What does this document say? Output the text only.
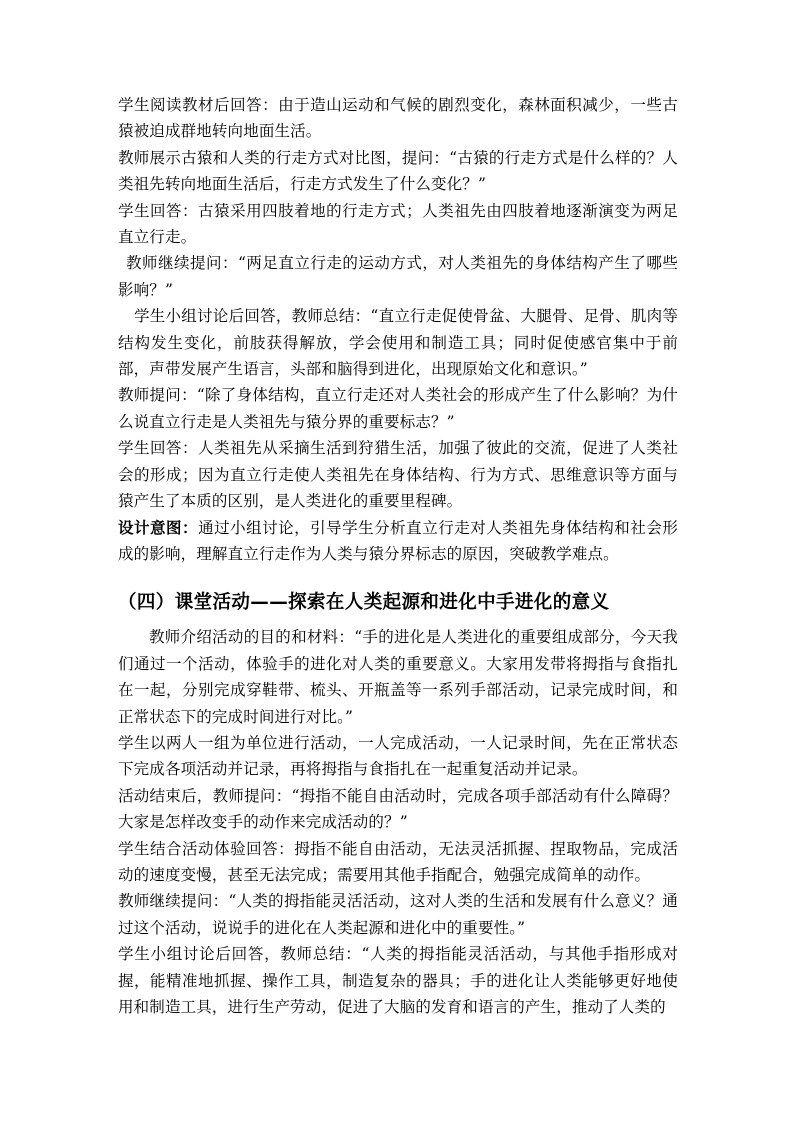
学生阅读教材后回答：由于造山运动和气候的剧烈变化，森林面积减少，一些古猿被迫成群地转向地面生活。

教师展示古猿和人类的行走方式对比图，提问：“古猿的行走方式是什么样的？人类祖先转向地面生活后，行走方式发生了什么变化？”

学生回答：古猿采用四肢着地的行走方式；人类祖先由四肢着地逐渐演变为两足直立行走。

教师继续提问：“两足直立行走的运动方式，对人类祖先的身体结构产生了哪些影响？”

学生小组讨论后回答，教师总结：“直立行走促使骨盆、大腿骨、足骨、肌肉等结构发生变化，前肢获得解放，学会使用和制造工具；同时促使感官集中于前部，声带发展产生语言，头部和脑得到进化，出现原始文化和意识。”

教师提问：“除了身体结构，直立行走还对人类社会的形成产生了什么影响？为什么说直立行走是人类祖先与猿分界的重要标志？”

学生回答：人类祖先从采摘生活到狩猎生活，加强了彼此的交流，促进了人类社会的形成；因为直立行走使人类祖先在身体结构、行为方式、思维意识等方面与猿产生了本质的区别，是人类进化的重要里程碑。

设计意图：通过小组讨论，引导学生分析直立行走对人类祖先身体结构和社会形成的影响，理解直立行走作为人类与猿分界标志的原因，突破教学难点。

（四）课堂活动——探索在人类起源和进化中手进化的意义

教师介绍活动的目的和材料：“手的进化是人类进化的重要组成部分，今天我们通过一个活动，体验手的进化对人类的重要意义。大家用发带将拇指与食指扎在一起，分别完成穿鞋带、梳头、开瓶盖等一系列手部活动，记录完成时间，和正常状态下的完成时间进行对比。”

学生以两人一组为单位进行活动，一人完成活动，一人记录时间，先在正常状态下完成各项活动并记录，再将拇指与食指扎在一起重复活动并记录。

活动结束后，教师提问：“拇指不能自由活动时，完成各项手部活动有什么障碍？大家是怎样改变手的动作来完成活动的？”

学生结合活动体验回答：拇指不能自由活动，无法灵活抓握、捏取物品，完成活动的速度变慢，甚至无法完成；需要用其他手指配合，勉强完成简单的动作。

教师继续提问：“人类的拇指能灵活活动，这对人类的生活和发展有什么意义？通过这个活动，说说手的进化在人类起源和进化中的重要性。”

学生小组讨论后回答，教师总结：“人类的拇指能灵活活动，与其他手指形成对握，能精准地抓握、操作工具，制造复杂的器具；手的进化让人类能够更好地使用和制造工具，进行生产劳动，促进了大脑的发育和语言的产生，推动了人类的
